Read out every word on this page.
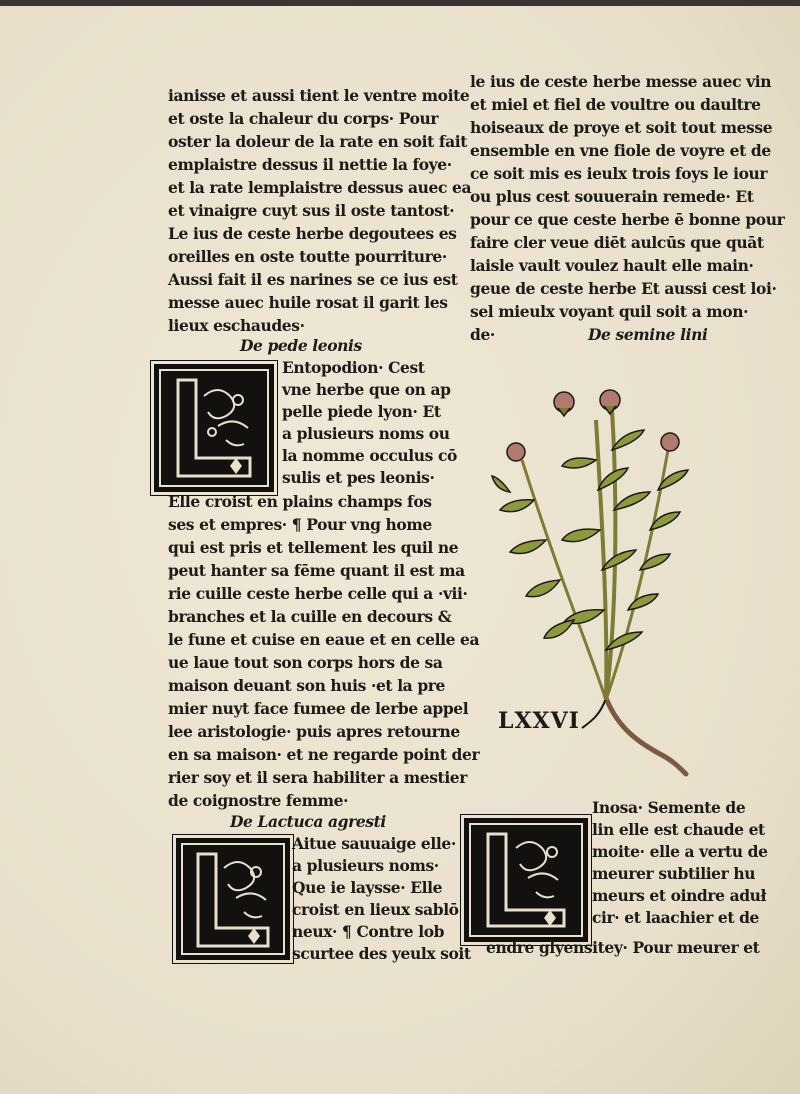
ianisse et aussi tient le ventre moite
et oste la chaleur du corps· Pour
oster la doleur de la rate en soit fait
emplaistre dessus il nettie la foye·
et la rate lemplaistre dessus auec ea
et vinaigre cuyt sus il oste tantost·
Le ius de ceste herbe degoutees es
oreilles en oste toutte pourriture·
Aussi fait il es narines se ce ius est
messe auec huile rosat il garit les
lieux eschaudes·
De pede leonis
Entopodion· Cest
vne herbe que on ap
pelle piede lyon· Et
a plusieurs noms ou
la nomme occulus cō
sulis et pes leonis·
Elle croist en plains champs fos
ses et empres· ¶ Pour vng home
qui est pris et tellement les quil ne
peut hanter sa fēme quant il est ma
rie cuille ceste herbe celle qui a ·vii·
branches et la cuille en decours &
le fune et cuise en eaue et en celle ea
ue laue tout son corps hors de sa
maison deuant son huis ·et la pre
mier nuyt face fumee de lerbe appel
lee aristologie· puis apres retourne
en sa maison· et ne regarde point der
rier soy et il sera habiliter a mestier
de coignostre femme·
De Lactuca agresti
Aitue sauuaige elle·
a plusieurs noms·
Que ie laysse· Elle
croist en lieux sablō
neux· ¶ Contre lob
scurtee des yeulx soit
le ius de ceste herbe messe auec vin
et miel et fiel de voultre ou daultre
hoiseaux de proye et soit tout messe
ensemble en vne fiole de voyre et de
ce soit mis es ieulx trois foys le iour
ou plus cest souuerain remede· Et
pour ce que ceste herbe ē bonne pour
faire cler veue diēt aulcūs que quāt
laisle vault voulez hault elle main·
geue de ceste herbe Et aussi cest loi·
sel mieulx voyant quil soit a mon·
de·	De semine lini
LXXVI
Inosa· Semente de
lin elle est chaude et
moite· elle a vertu de
meurer subtilier hu
meurs et oindre aduł
cir· et laachier et de
endre glyensitey· Pour meurer et
